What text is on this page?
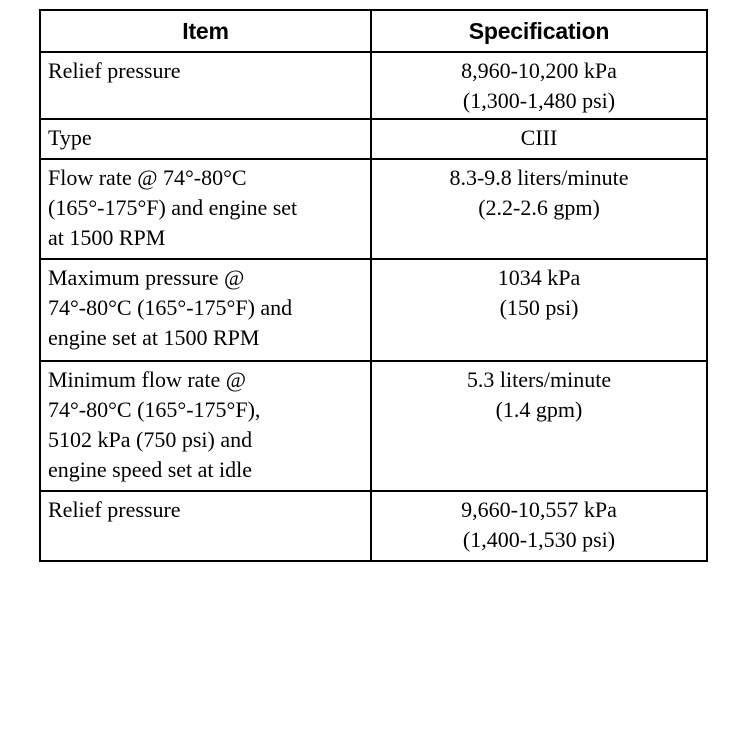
Item	Specification

Relief pressure	8,960-10,200 kPa
(1,300-1,480 psi)

Type	CIII

Flow rate @ 74°-80°C
(165°-175°F) and engine set
at 1500 RPM	8.3-9.8 liters/minute
(2.2-2.6 gpm)

Maximum pressure @
74°-80°C (165°-175°F) and
engine set at 1500 RPM	1034 kPa
(150 psi)

Minimum flow rate @
74°-80°C (165°-175°F),
5102 kPa (750 psi) and
engine speed set at idle	5.3 liters/minute
(1.4 gpm)

Relief pressure	9,660-10,557 kPa
(1,400-1,530 psi)
